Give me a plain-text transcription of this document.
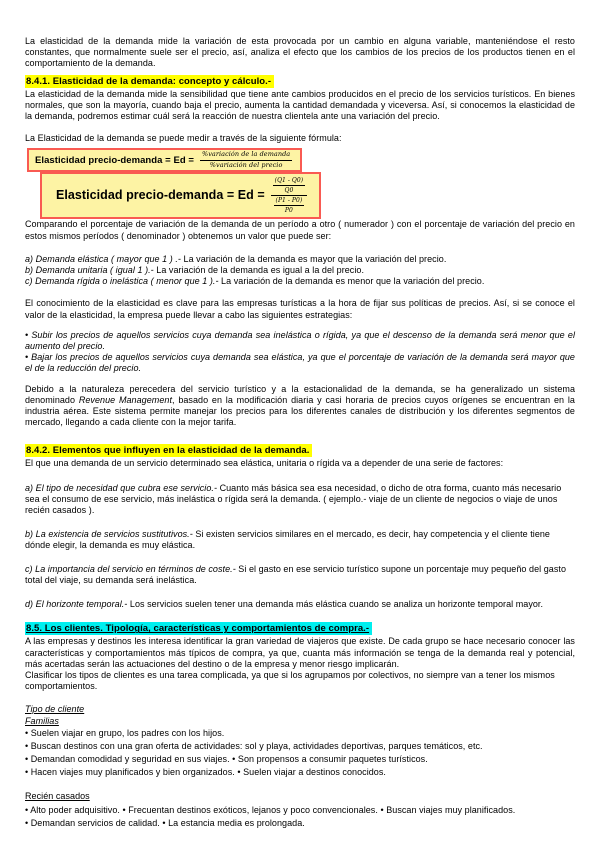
La elasticidad de la demanda mide la variación de esta provocada por un cambio en alguna variable, manteniéndose el resto constantes, que normalmente suele ser el precio, así, analiza el efecto que los cambios de los precios de los productos tienen en el comportamiento de la demanda.

8.4.1. Elasticidad de la demanda: concepto y cálculo.-

La elasticidad de la demanda mide la sensibilidad que tiene ante cambios producidos en el precio de los servicios turísticos. En bienes normales, que son la mayoría, cuando baja el precio, aumenta la cantidad demandada y viceversa. Así, si conocemos la elasticidad de la demanda, podremos estimar cuál será la reacción de nuestra clientela ante una variación del precio.

La Elasticidad de la demanda se puede medir a través de la siguiente fórmula:

Elasticidad precio-demanda = $Ed = \frac{\text{\%variación de la demanda}}{\text{\%variación del precio}}$
Elasticidad precio-demanda = $Ed = \frac{\frac{(Q1 - Q0)}{Q0}}{\frac{(P1 - P0)}{P0}}$

Comparando el porcentaje de variación de la demanda de un período a otro ( numerador ) con el porcentaje de variación del precio en estos mismos períodos ( denominador ) obtenemos un valor que puede ser:

a) Demanda elástica ( mayor que 1 ) .- La variación de la demanda es mayor que la variación del precio.

b) Demanda unitaria ( igual 1 ).- La variación de la demanda es igual a la del precio.

c) Demanda rígida o inelástica ( menor que 1 ).- La variación de la demanda es menor que la variación del precio.

El conocimiento de la elasticidad es clave para las empresas turísticas a la hora de fijar sus políticas de precios. Así, si se conoce el valor de la elasticidad, la empresa puede llevar a cabo las siguientes estrategias:

• Subir los precios de aquellos servicios cuya demanda sea inelástica o rígida, ya que el descenso de la demanda será menor que el aumento del precio.

• Bajar los precios de aquellos servicios cuya demanda sea elástica, ya que el porcentaje de variación de la demanda será mayor que el de la reducción del precio.

Debido a la naturaleza perecedera del servicio turístico y a la estacionalidad de la demanda, se ha generalizado un sistema denominado Revenue Management, basado en la modificación diaria y casi horaria de precios cuyos orígenes se encuentran en la industria aérea. Este sistema permite manejar los precios para los diferentes canales de distribución y los diferentes segmentos de mercado, llegando a cada cliente con la mejor tarifa.

8.4.2. Elementos que influyen en la elasticidad de la demanda.

El que una demanda de un servicio determinado sea elástica, unitaria o rígida va a depender de una serie de factores:

a) El tipo de necesidad que cubra ese servicio.- Cuanto más básica sea esa necesidad, o dicho de otra forma, cuanto más necesario sea el consumo de ese servicio, más inelástica o rígida será la demanda. ( ejemplo.- viaje de un cliente de negocios o viaje de unos recién casados ).

b) La existencia de servicios sustitutivos.- Si existen servicios similares en el mercado, es decir, hay competencia y el cliente tiene dónde elegir, la demanda es muy elástica.

c) La importancia del servicio en términos de coste.- Si el gasto en ese servicio turístico supone un porcentaje muy pequeño del gasto total del viaje, su demanda será inelástica.

d) El horizonte temporal.- Los servicios suelen tener una demanda más elástica cuando se analiza un horizonte temporal mayor.

8.5. Los clientes. Tipología, características y comportamientos de compra.-

A las empresas y destinos les interesa identificar la gran variedad de viajeros que existe. De cada grupo se hace necesario conocer las características y comportamientos más típicos de compra, ya que, cuanta más información se tenga de la demanda real y potencial, más acertadas serán las actuaciones del destino o de la empresa y menor riesgo implicarán.

Clasificar los tipos de clientes es una tarea complicada, ya que si los agrupamos por colectivos, no siempre van a tener los mismos comportamientos.

Tipo de cliente

Familias

• Suelen viajar en grupo, los padres con los hijos.

• Buscan destinos con una gran oferta de actividades: sol y playa, actividades deportivas, parques temáticos, etc.

• Demandan comodidad y seguridad en sus viajes. • Son propensos a consumir paquetes turísticos.

• Hacen viajes muy planificados y bien organizados. • Suelen viajar a destinos conocidos.

Recién casados

• Alto poder adquisitivo. • Frecuentan destinos exóticos, lejanos y poco convencionales. • Buscan viajes muy planificados.

• Demandan servicios de calidad. • La estancia media es prolongada.
